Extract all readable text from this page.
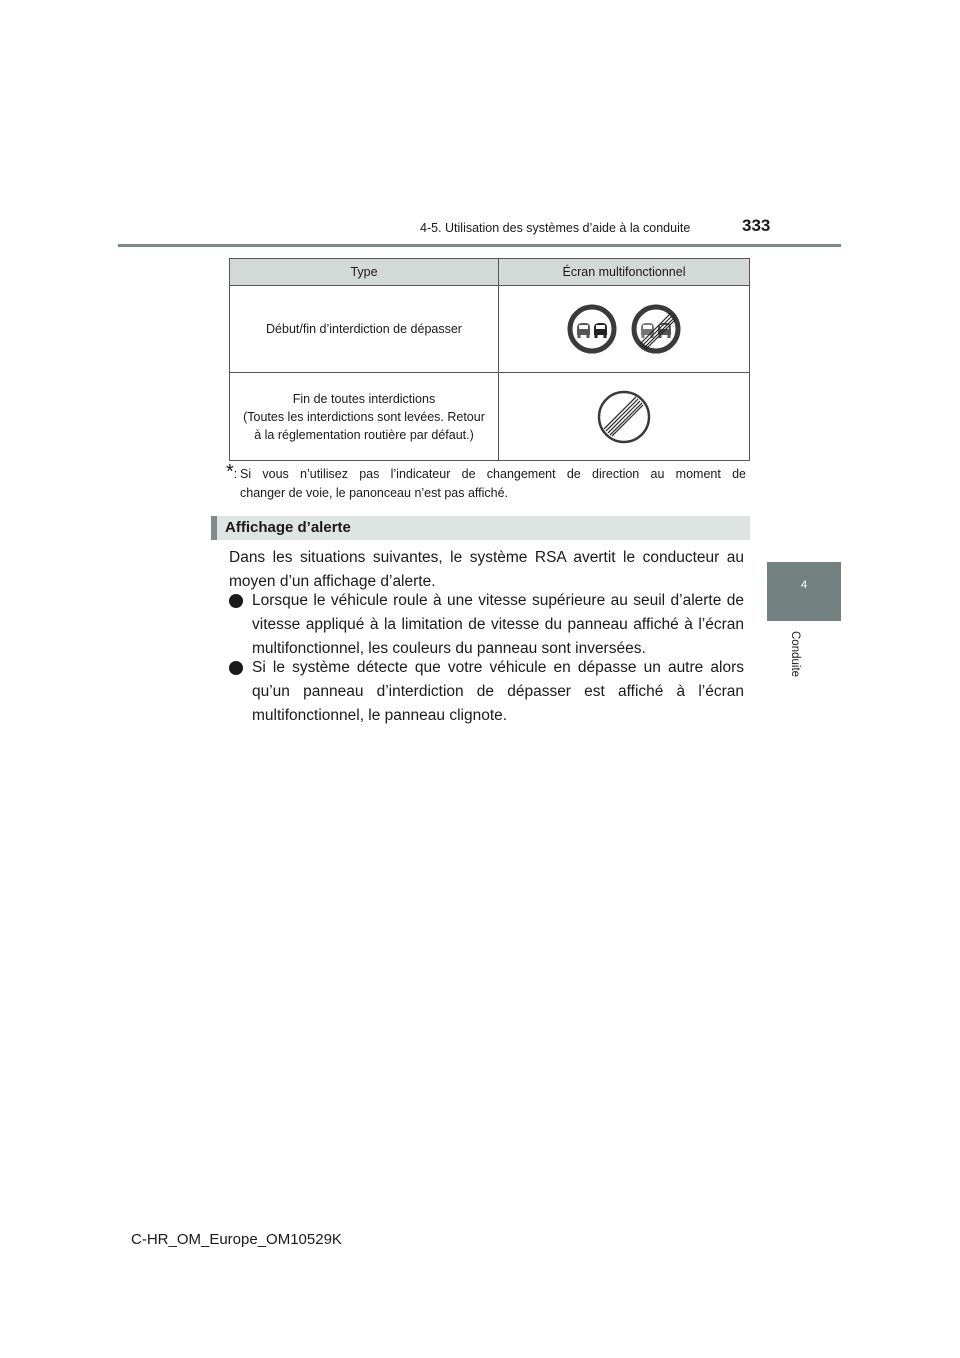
4-5. Utilisation des systèmes d’aide à la conduite	333
4
Conduite
Type	Écran multifonctionnel

Début/fin d’interdiction de dépasser

Fin de toutes interdictions
(Toutes les interdictions sont levées. Retour
à la réglementation routière par défaut.)

*: Si vous n’utilisez pas l’indicateur de changement de direction au moment de
changer de voie, le panonceau n’est pas affiché.
Affichage d’alerte
Dans les situations suivantes, le système RSA avertit le conducteur au moyen d’un affichage d’alerte.
Lorsque le véhicule roule à une vitesse supérieure au seuil d’alerte de vitesse appliqué à la limitation de vitesse du panneau affiché à l’écran multifonctionnel, les couleurs du panneau sont inversées.
Si le système détecte que votre véhicule en dépasse un autre alors qu’un panneau d’interdiction de dépasser est affiché à l’écran multifonctionnel, le panneau clignote.
C-HR_OM_Europe_OM10529K
